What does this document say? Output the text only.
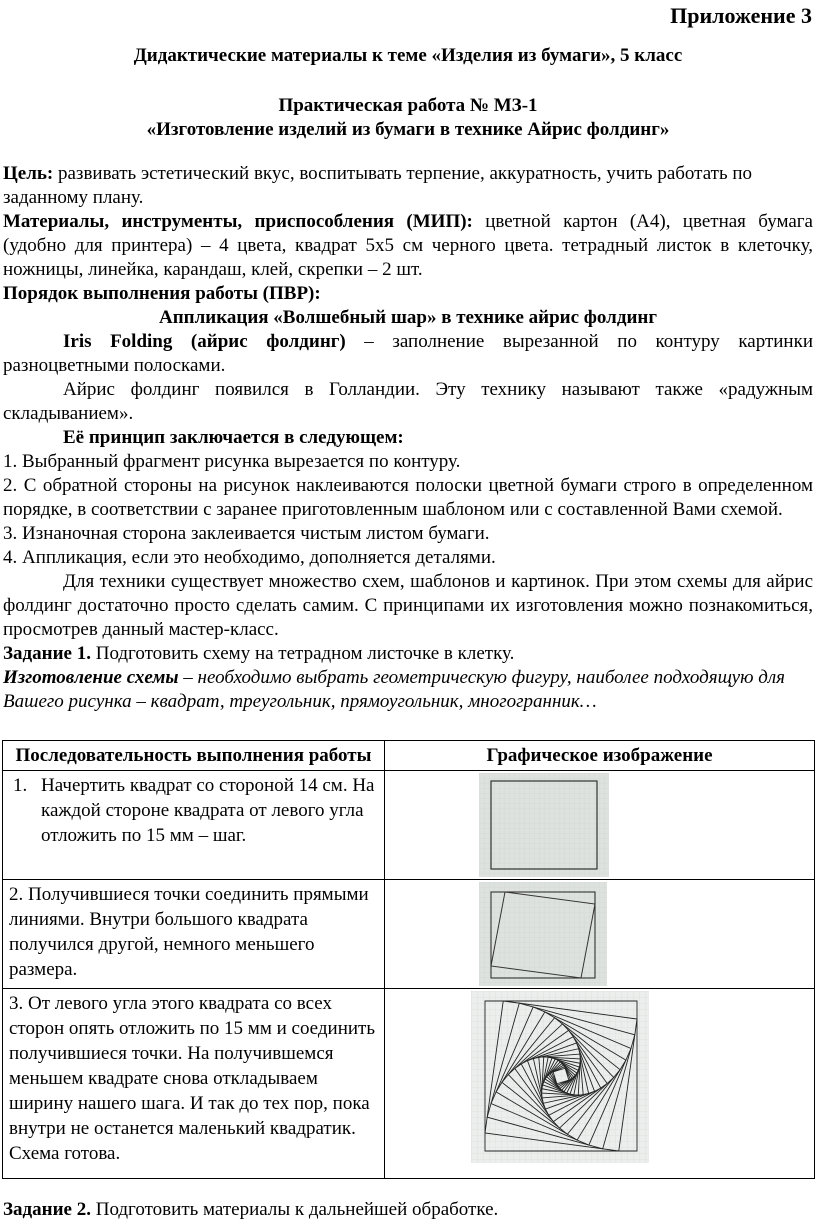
Приложение 3
Дидактические материалы к теме «Изделия из бумаги», 5 класс
Практическая работа № МЗ-1
«Изготовление изделий из бумаги в технике Айрис фолдинг»

Цель: развивать эстетический вкус, воспитывать терпение, аккуратность, учить работать по заданному плану.

Материалы, инструменты, приспособления (МИП): цветной картон (А4), цветная бумага (удобно для принтера) – 4 цвета, квадрат 5х5 см черного цвета. тетрадный листок в клеточку, ножницы, линейка, карандаш, клей, скрепки – 2 шт.

Порядок выполнения работы (ПВР):

Аппликация «Волшебный шар» в технике айрис фолдинг

Iris Folding (айрис фолдинг) – заполнение вырезанной по контуру картинки разноцветными полосками.

Айрис фолдинг появился в Голландии. Эту технику называют также «радужным складыванием».

Её принцип заключается в следующем:

1. Выбранный фрагмент рисунка вырезается по контуру.

2. С обратной стороны на рисунок наклеиваются полоски цветной бумаги строго в определенном порядке, в соответствии с заранее приготовленным шаблоном или с составленной Вами схемой.

3. Изнаночная сторона заклеивается чистым листом бумаги.

4. Аппликация, если это необходимо, дополняется деталями.

Для техники существует множество схем, шаблонов и картинок. При этом схемы для айрис фолдинг достаточно просто сделать самим. С принципами их изготовления можно познакомиться, просмотрев данный мастер-класс.

Задание 1. Подготовить схему на тетрадном листочке в клетку.

Изготовление схемы – необходимо выбрать геометрическую фигуру, наиболее подходящую для Вашего рисунка – квадрат, треугольник, прямоугольник, многогранник…

Последовательность выполнения работы	Графическое изображение

1. Начертить квадрат со стороной 14 см. На каждой стороне квадрата от левого угла отложить по 15 мм – шаг.

2. Получившиеся точки соединить прямыми линиями. Внутри большого квадрата получился другой, немного меньшего размера.	

3. От левого угла этого квадрата со всех сторон опять отложить по 15 мм и соединить получившиеся точки. На получившемся меньшем квадрате снова откладываем ширину нашего шага. И так до тех пор, пока внутри не останется маленький квадратик. Схема готова.	

Задание 2. Подготовить материалы к дальнейшей обработке.
